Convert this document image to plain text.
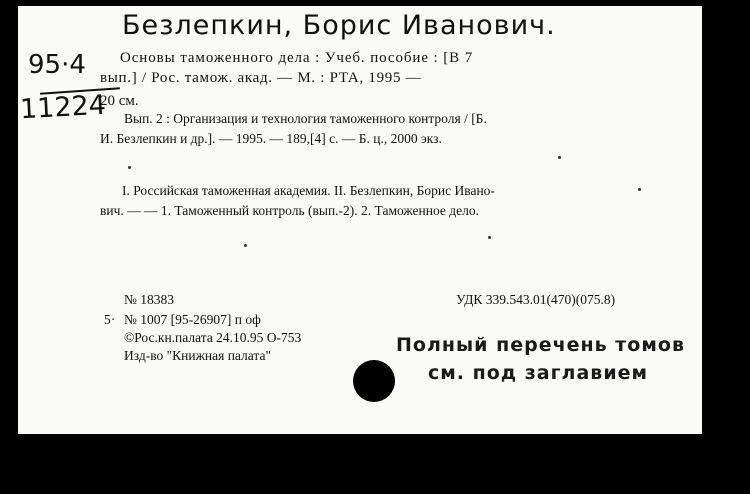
Безлепкин, Борис Иванович.
95·4
11224
Основы таможенного дела : Учеб. пособие : [В 7
вып.] / Рос. тамож. акад. — М. : РТА, 1995 —
20 см.
Вып. 2 : Организация и технология таможенного контроля / [Б.
И. Безлепкин и др.]. — 1995. — 189,[4] с. — Б. ц., 2000 экз.
I. Российская таможенная академия. II. Безлепкин, Борис Ивано-
вич. — — 1. Таможенный контроль (вып.-2). 2. Таможенное дело.
№ 18383	УДК 339.543.01(470)(075.8)
5· № 1007 [95-26907] п оф
©Рос.кн.палата 24.10.95 О-753
Изд-во "Книжная палата"	Полный перечень томов
см. под заглавием
